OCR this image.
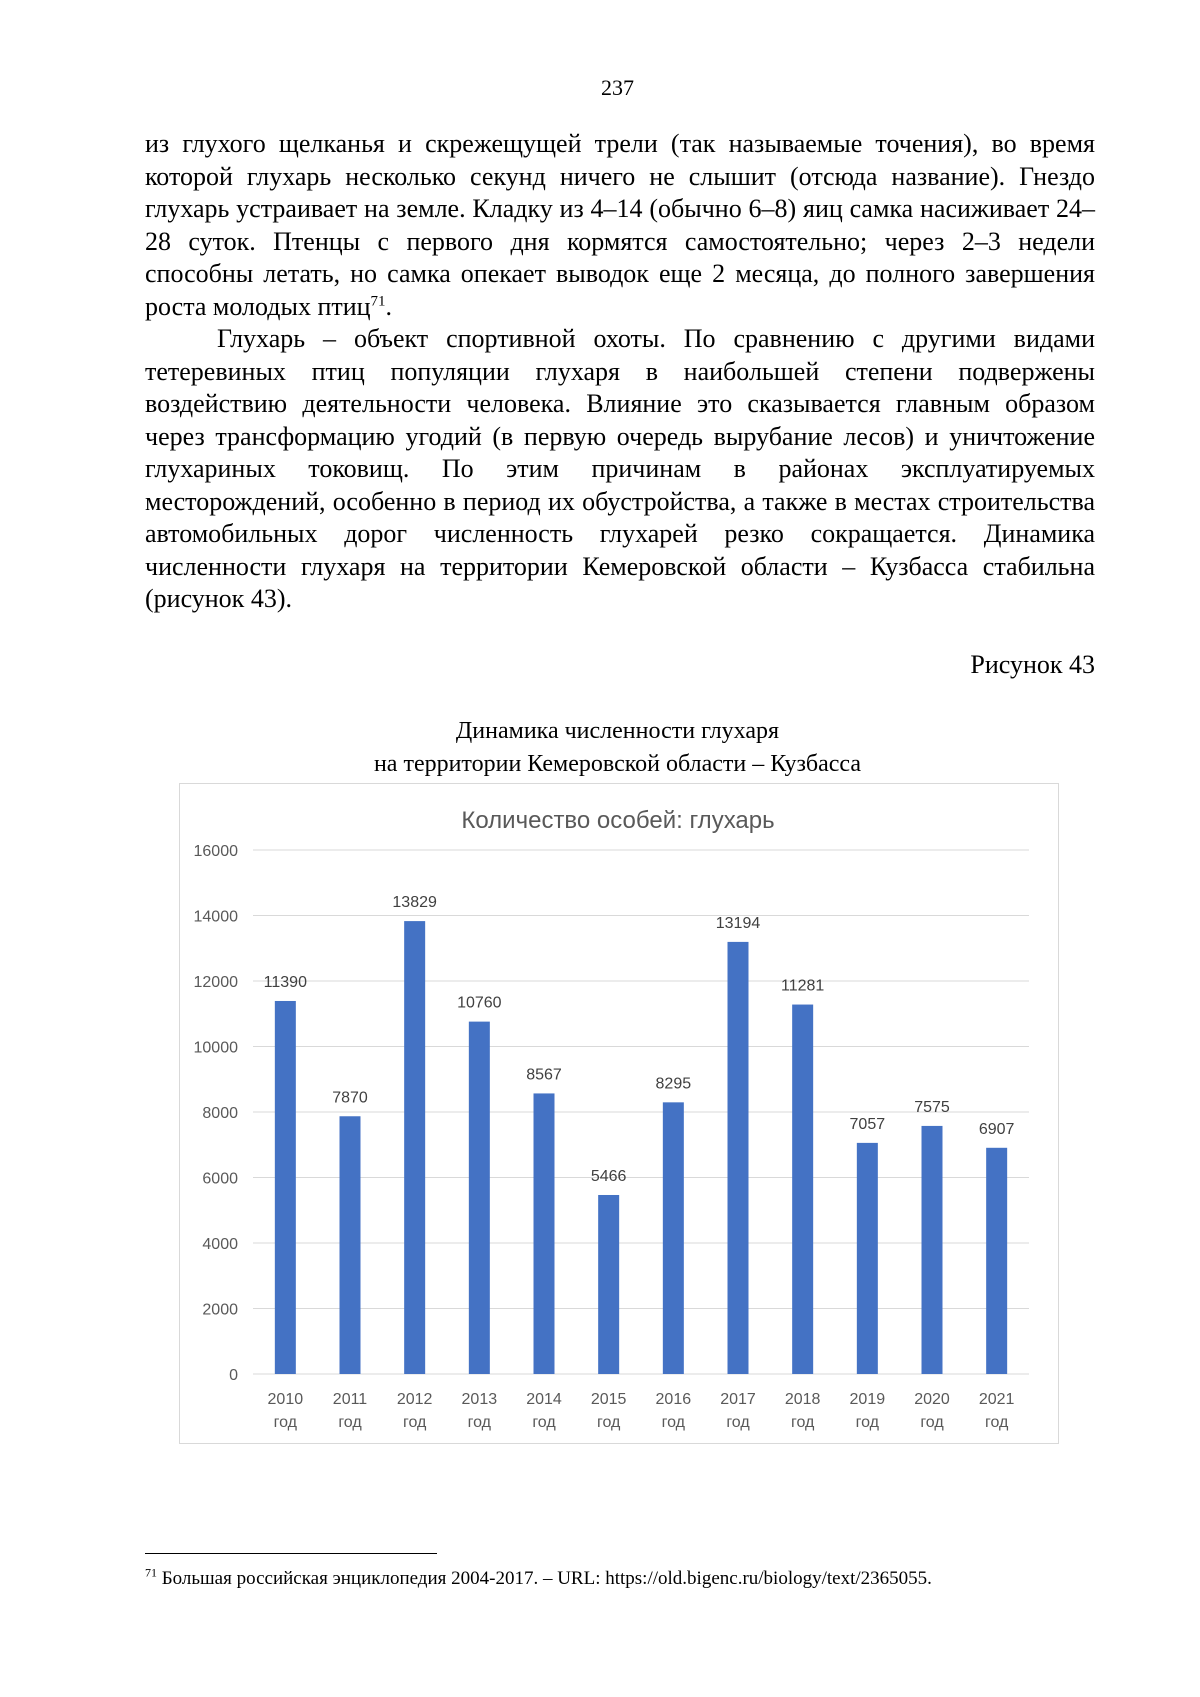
237

из глухого щелканья и скрежещущей трели (так называемые точения), во время которой глухарь несколько секунд ничего не слышит (отсюда название). Гнездо глухарь устраивает на земле. Кладку из 4–14 (обычно 6–8) яиц самка насиживает 24–28 суток. Птенцы с первого дня кормятся самостоятельно; через 2–3 недели способны летать, но самка опекает выводок еще 2 месяца, до полного завершения роста молодых птиц$^{71}$.

Глухарь – объект спортивной охоты. По сравнению с другими видами тетеревиных птиц популяции глухаря в наибольшей степени подвержены воздействию деятельности человека. Влияние это сказывается главным образом через трансформацию угодий (в первую очередь вырубание лесов) и уничтожение глухариных токовищ. По этим причинам в районах эксплуатируемых месторождений, особенно в период их обустройства, а также в местах строительства автомобильных дорог численность глухарей резко сокращается. Динамика численности глухаря на территории Кемеровской области – Кузбасса стабильна (рисунок 43).

Рисунок 43
Динамика численности глухаря
на территории Кемеровской области – Кузбасса
Количество особей: глухарь
0
2000
4000
6000
8000
10000
12000
14000
16000
11390
2010
год
7870
2011
год
13829
2012
год
10760
2013
год
8567
2014
год
5466
2015
год
8295
2016
год
13194
2017
год
11281
2018
год
7057
2019
год
7575
2020
год
6907
2021
год
$^{71}$ Большая российская энциклопедия 2004-2017. – URL: https://old.bigenc.ru/biology/text/2365055.
